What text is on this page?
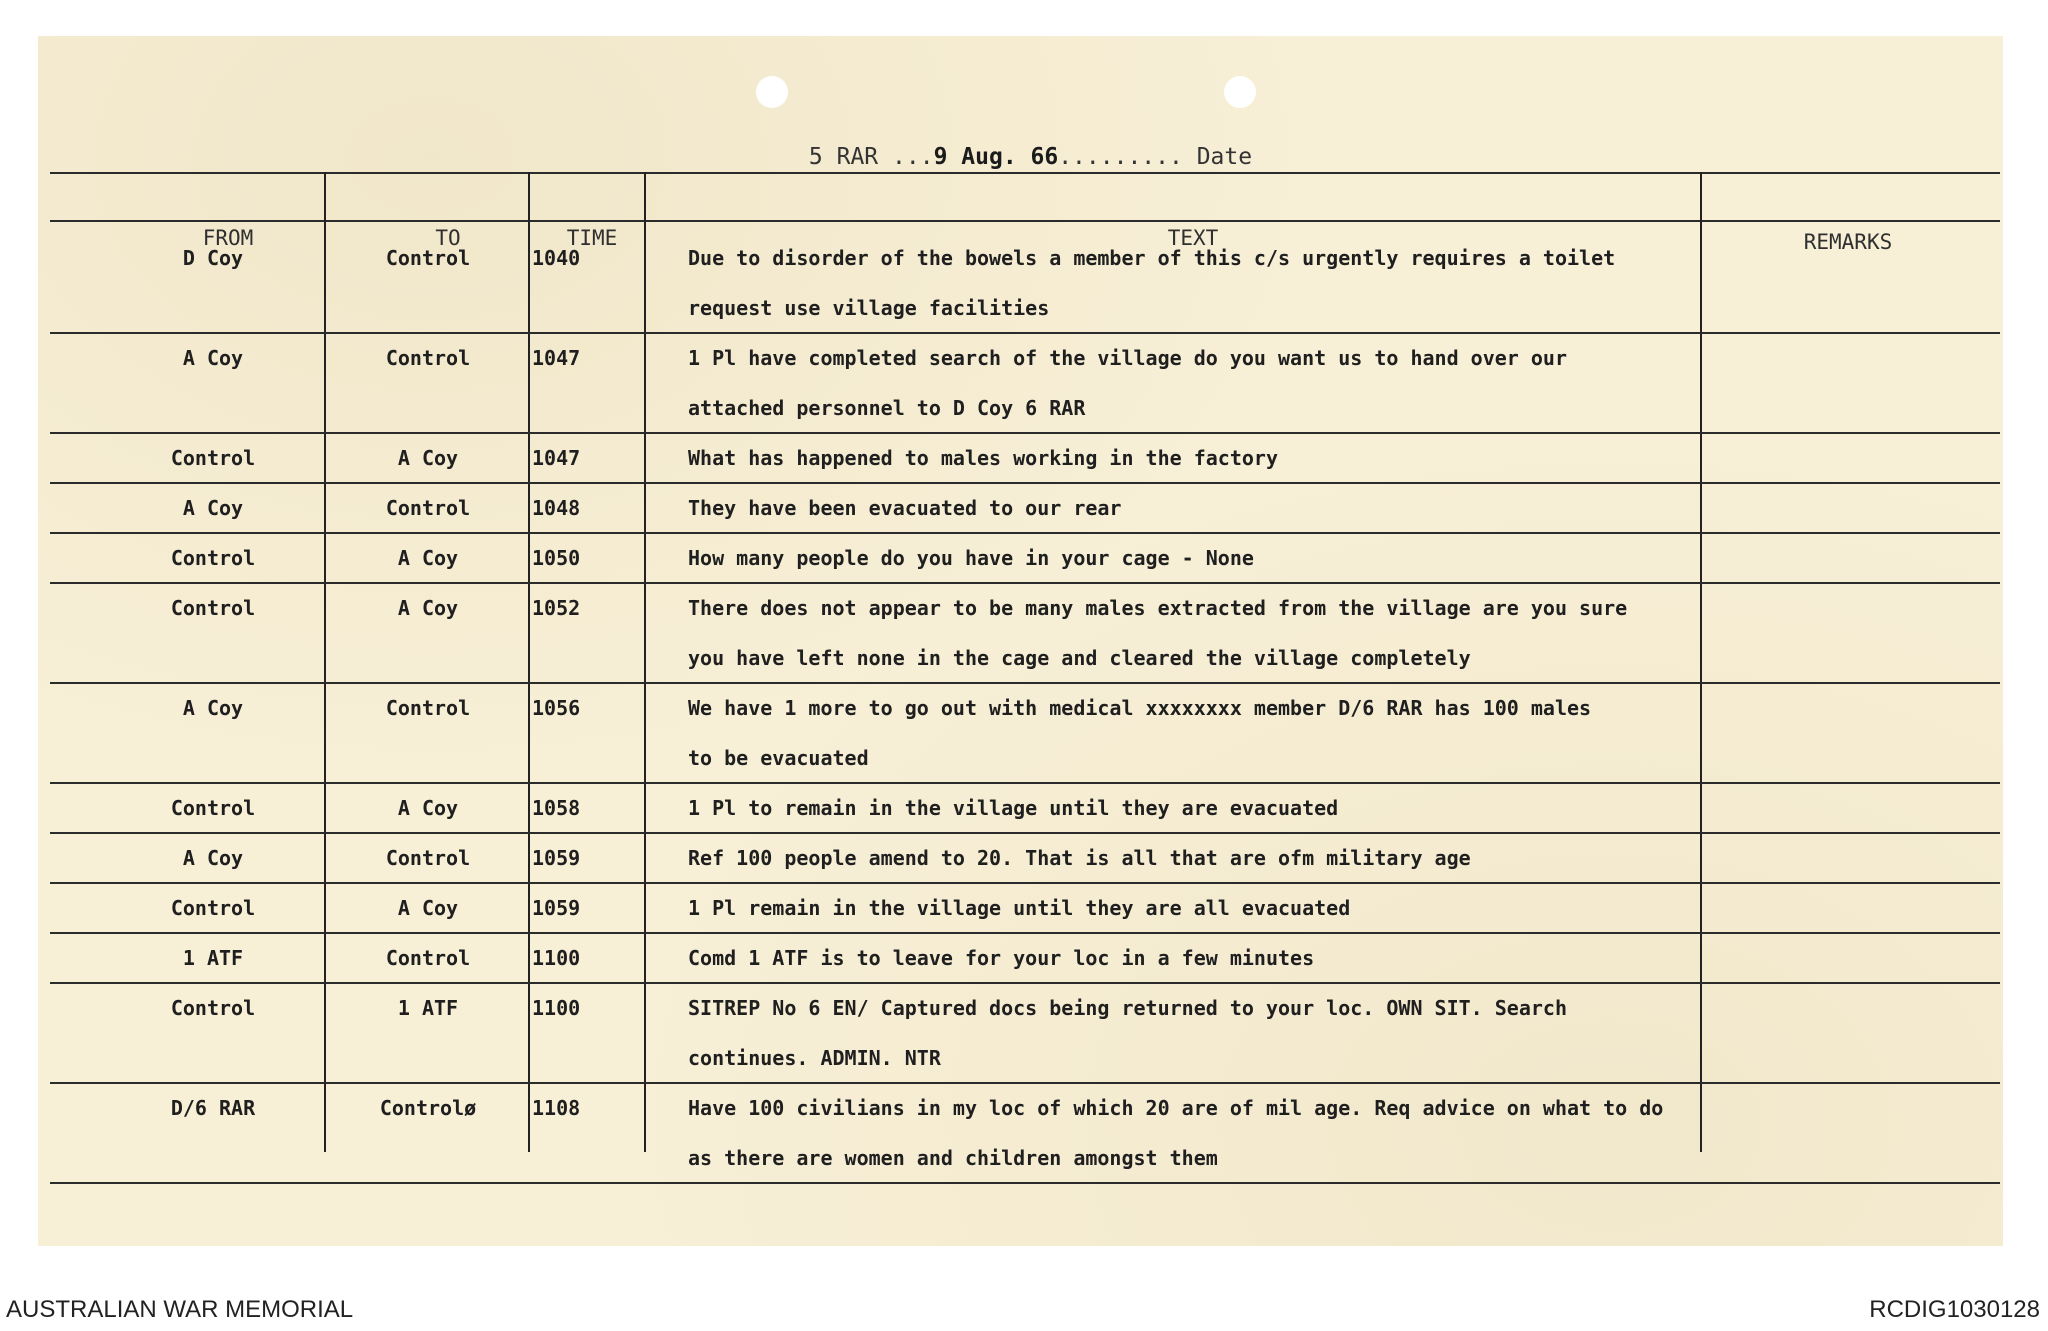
5 RAR ...9 Aug. 66......... Date
FROM	TO	TIME	TEXT	REMARKS
D Coy	Control	1040	Due to disorder of the bowels a member of this c/s urgently requires a toilet
request use village facilities
A Coy	Control	1047	1 Pl have completed search of the village do you want us to hand over our
attached personnel to D Coy 6 RAR
Control	A Coy	1047	What has happened to males working in the factory
A Coy	Control	1048	They have been evacuated to our rear
Control	A Coy	1050	How many people do you have in your cage - None
Control	A Coy	1052	There does not appear to be many males extracted from the village are you sure
you have left none in the cage and cleared the village completely
A Coy	Control	1056	We have 1 more to go out with medical xxxxxxxx member D/6 RAR has 100 males
to be evacuated
Control	A Coy	1058	1 Pl to remain in the village until they are evacuated
A Coy	Control	1059	Ref 100 people amend to 20. That is all that are ofm military age
Control	A Coy	1059	1 Pl remain in the village until they are all evacuated
1 ATF	Control	1100	Comd 1 ATF is to leave for your loc in a few minutes
Control	1 ATF	1100	SITREP No 6 EN/ Captured docs being returned to your loc. OWN SIT. Search
continues. ADMIN. NTR
D/6 RAR	Controlø	1108	Have 100 civilians in my loc of which 20 are of mil age. Req advice on what to do
as there are women and children amongst them
AUSTRALIAN WAR MEMORIAL	RCDIG1030128
